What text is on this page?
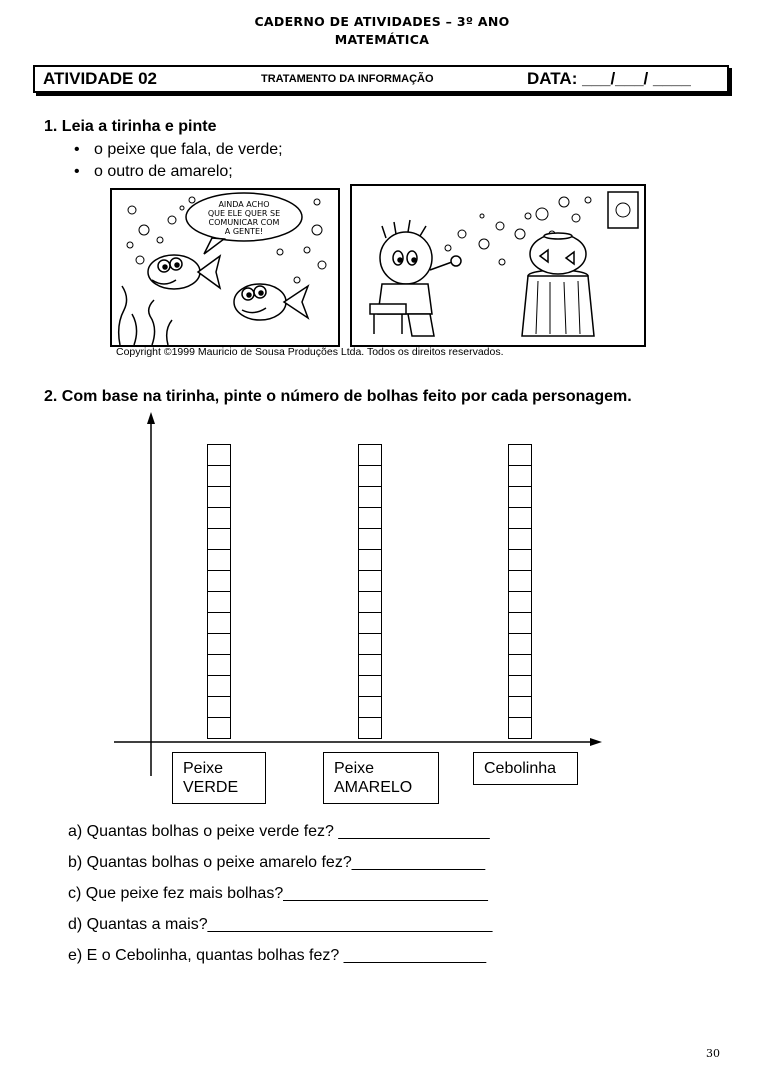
CADERNO DE ATIVIDADES – 3º ANO
MATEMÁTICA
ATIVIDADE 02	TRATAMENTO DA INFORMAÇÃO	DATA: ___/___/ ____
1. Leia a tirinha e pinte
• o peixe que fala, de verde;
• o outro de amarelo;
AINDA ACHO
QUE ELE QUER SE
COMUNICAR COM
A GENTE!
Copyright ©1999 Mauricio de Sousa Produções Ltda. Todos os direitos reservados.
2. Com base na tirinha, pinte o número de bolhas feito por cada personagem.
Peixe
VERDE
Peixe
AMARELO
Cebolinha
a) Quantas bolhas o peixe verde fez? _________________
b) Quantas bolhas o peixe amarelo fez?_______________
c) Que peixe fez mais bolhas?_______________________
d) Quantas a mais?________________________________
e) E o Cebolinha, quantas bolhas fez? ________________
30
